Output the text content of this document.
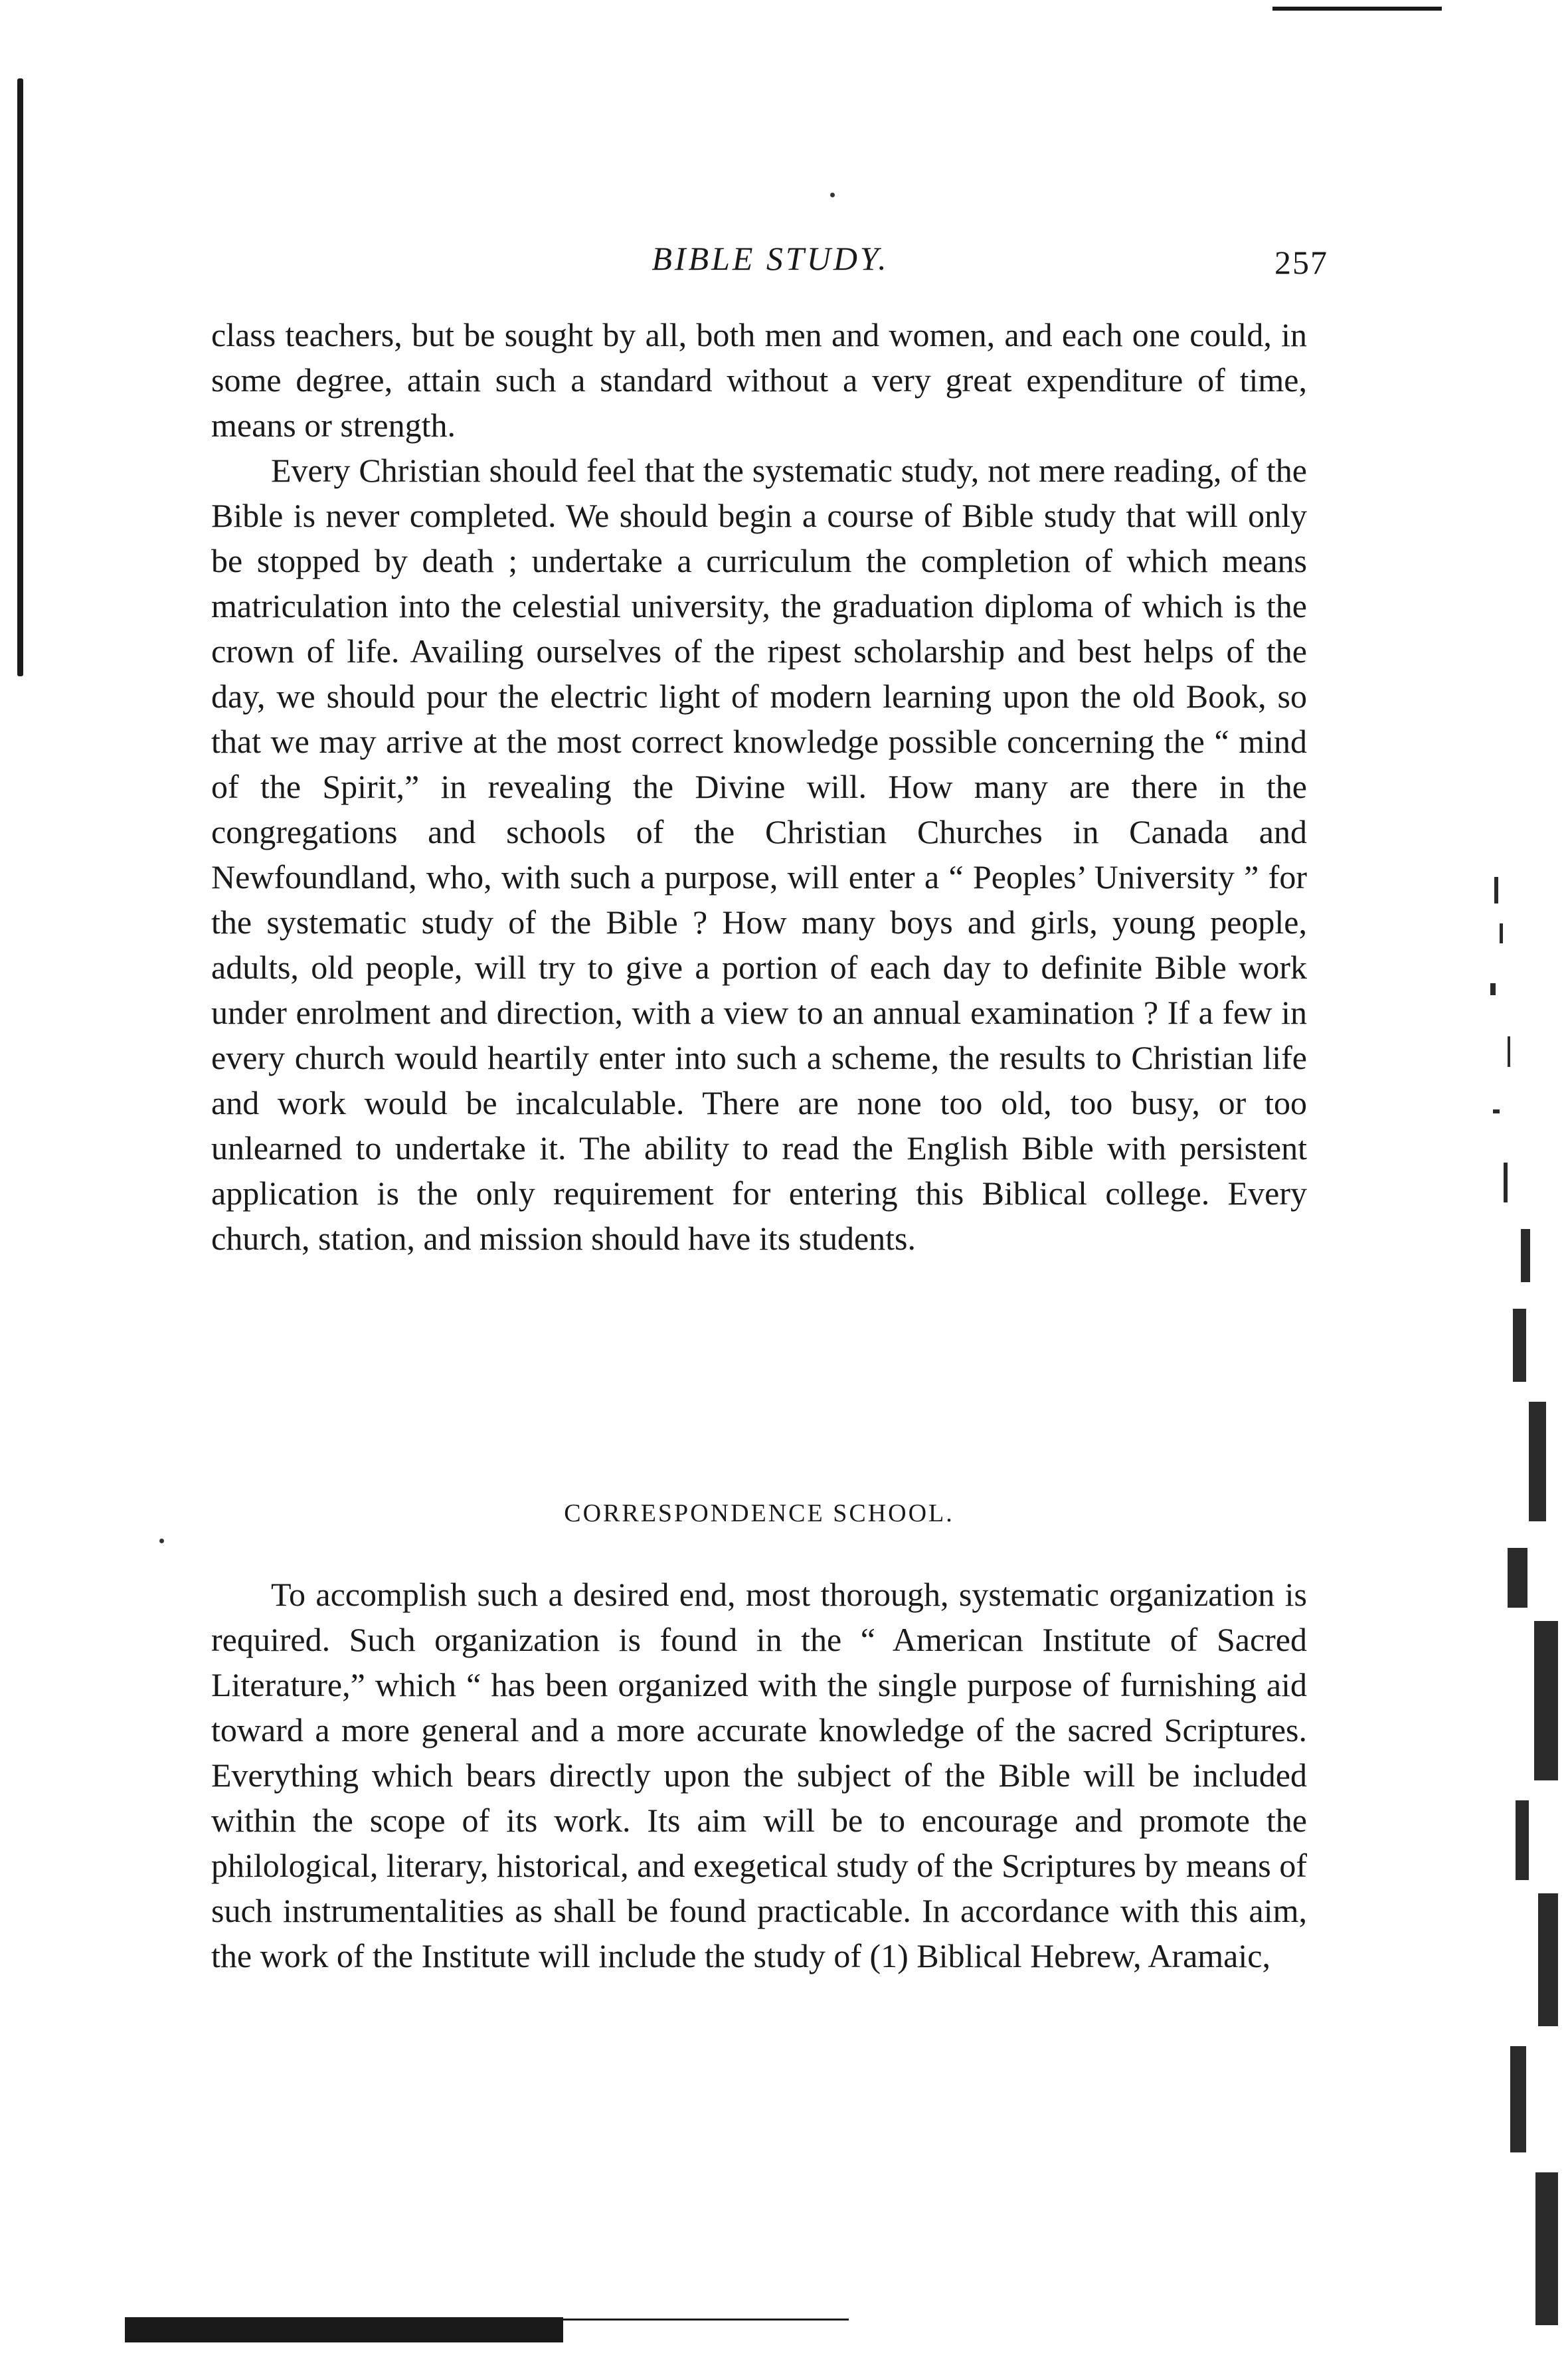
BIBLE STUDY.	257

class teachers, but be sought by all, both men and women, and each one could, in some degree, attain such a standard without a very great expenditure of time, means or strength.

Every Christian should feel that the systematic study, not mere reading, of the Bible is never completed. We should begin a course of Bible study that will only be stopped by death ; undertake a curriculum the completion of which means matriculation into the celestial university, the graduation diploma of which is the crown of life. Availing ourselves of the ripest scholarship and best helps of the day, we should pour the electric light of modern learning upon the old Book, so that we may arrive at the most correct knowledge possible concerning the “ mind of the Spirit,” in revealing the Divine will. How many are there in the congregations and schools of the Christian Churches in Canada and Newfoundland, who, with such a purpose, will enter a “ Peoples’ University ” for the systematic study of the Bible ? How many boys and girls, young people, adults, old people, will try to give a portion of each day to definite Bible work under enrolment and direction, with a view to an annual examination ? If a few in every church would heartily enter into such a scheme, the results to Christian life and work would be incalculable. There are none too old, too busy, or too unlearned to undertake it. The ability to read the English Bible with persistent application is the only requirement for entering this Biblical college. Every church, station, and mission should have its students.

CORRESPONDENCE SCHOOL.

To accomplish such a desired end, most thorough, systematic organization is required. Such organization is found in the “ American Institute of Sacred Literature,” which “ has been organized with the single purpose of furnishing aid toward a more general and a more accurate knowledge of the sacred Scriptures. Everything which bears directly upon the subject of the Bible will be included within the scope of its work. Its aim will be to encourage and promote the philological, literary, historical, and exegetical study of the Scriptures by means of such instrumentalities as shall be found practicable. In accordance with this aim, the work of the Institute will include the study of (1) Biblical Hebrew, Aramaic,
